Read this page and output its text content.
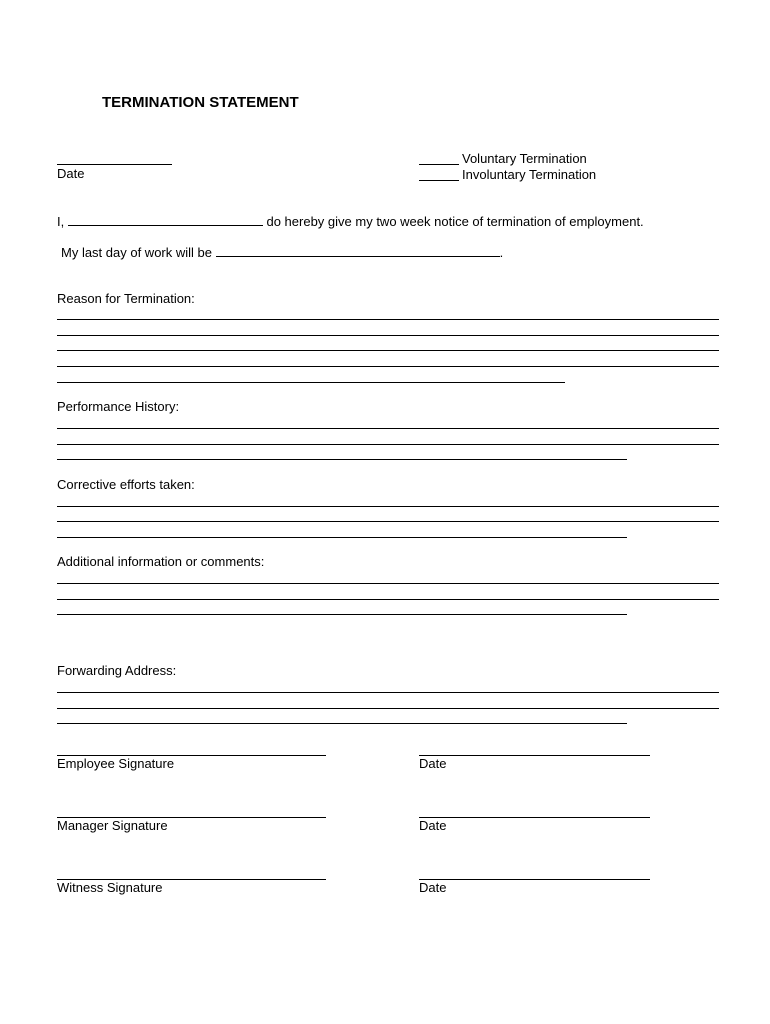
TERMINATION STATEMENT
Date
Voluntary Termination
Involuntary Termination
I,	do hereby give my two week notice of termination of employment.
My last day of work will be	.
Reason for Termination:
Performance History:
Corrective efforts taken:
Additional information or comments:
Forwarding Address:
Employee Signature	Date
Manager Signature	Date
Witness Signature	Date
